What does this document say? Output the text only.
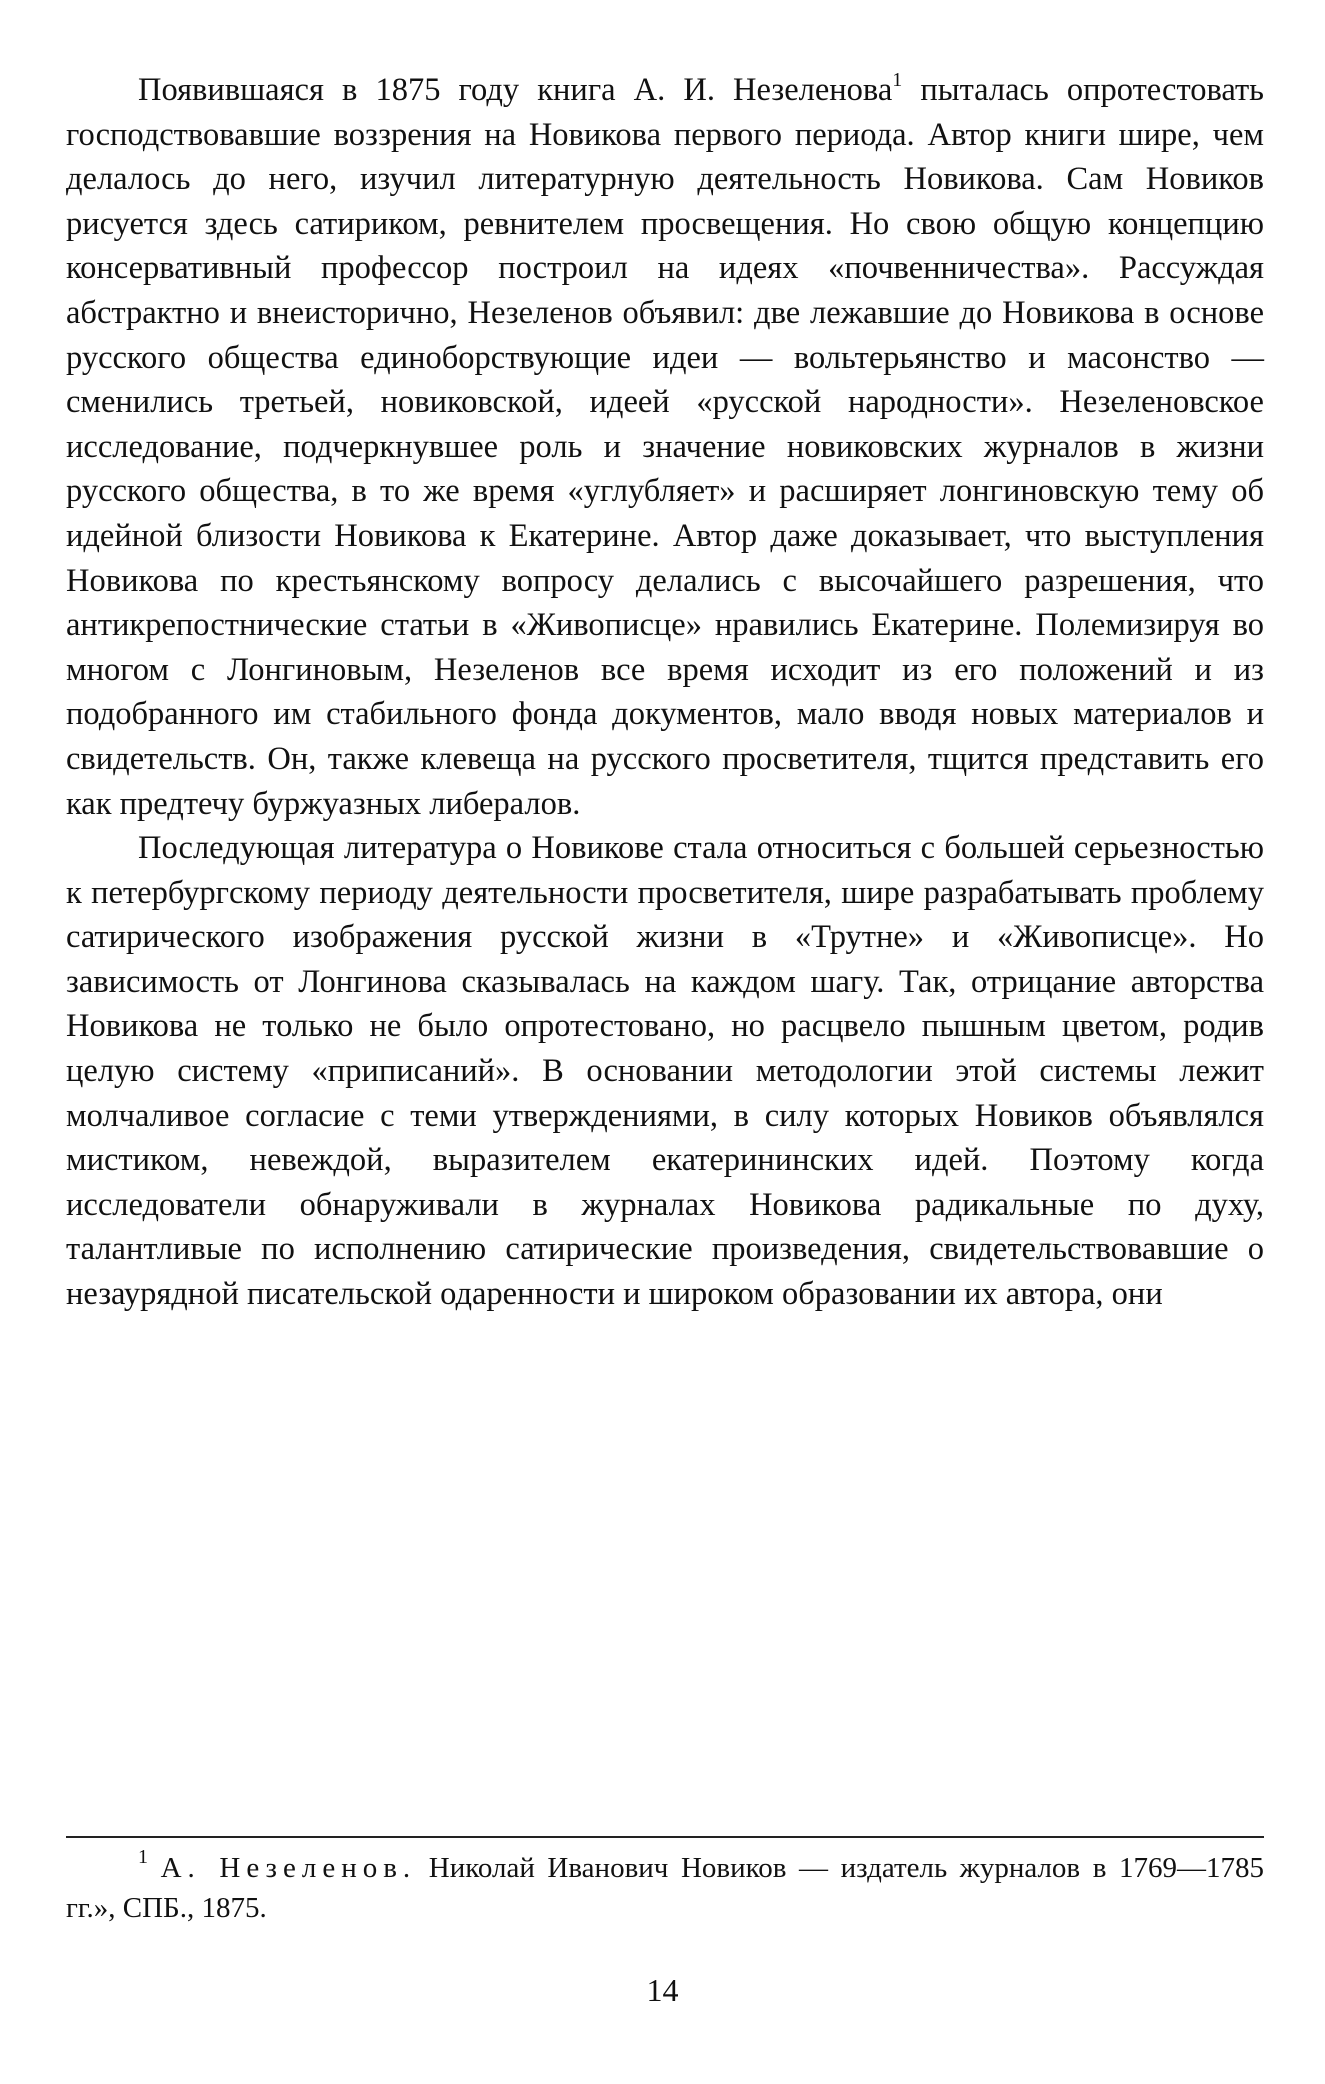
Появившаяся в 1875 году книга А. И. Незеленова$^1$ пыталась опротестовать господствовавшие воззрения на Новикова первого периода. Автор книги шире, чем делалось до него, изучил литературную деятельность Новикова. Сам Новиков рисуется здесь сатириком, ревнителем просвещения. Но свою общую концепцию консервативный профессор построил на идеях «почвенничества». Рассуждая абстрактно и внеисторично, Незеленов объявил: две лежавшие до Новикова в основе русского общества единоборствующие идеи — вольтерьянство и масонство — сменились третьей, новиковской, идеей «русской народности». Незеленовское исследование, подчеркнувшее роль и значение новиковских журналов в жизни русского общества, в то же время «углубляет» и расширяет лонгиновскую тему об идейной близости Новикова к Екатерине. Автор даже доказывает, что выступления Новикова по крестьянскому вопросу делались с высочайшего разрешения, что антикрепостнические статьи в «Живописце» нравились Екатерине. Полемизируя во многом с Лонгиновым, Незеленов все время исходит из его положений и из подобранного им стабильного фонда документов, мало вводя новых материалов и свидетельств. Он, также клевеща на русского просветителя, тщится представить его как предтечу буржуазных либералов.

Последующая литература о Новикове стала относиться с большей серьезностью к петербургскому периоду деятельности просветителя, шире разрабатывать проблему сатирического изображения русской жизни в «Трутне» и «Живописце». Но зависимость от Лонгинова сказывалась на каждом шагу. Так, отрицание авторства Новикова не только не было опротестовано, но расцвело пышным цветом, родив целую систему «приписаний». В основании методологии этой системы лежит молчаливое согласие с теми утверждениями, в силу которых Новиков объявлялся мистиком, невеждой, выразителем екатерининских идей. Поэтому когда исследователи обнаруживали в журналах Новикова радикальные по духу, талантливые по исполнению сатирические произведения, свидетельствовавшие о незаурядной писательской одаренности и широком образовании их автора, они

$^1$ А. Незеленов. Николай Иванович Новиков — издатель журналов в 1769—1785 гг.», СПБ., 1875.

14
